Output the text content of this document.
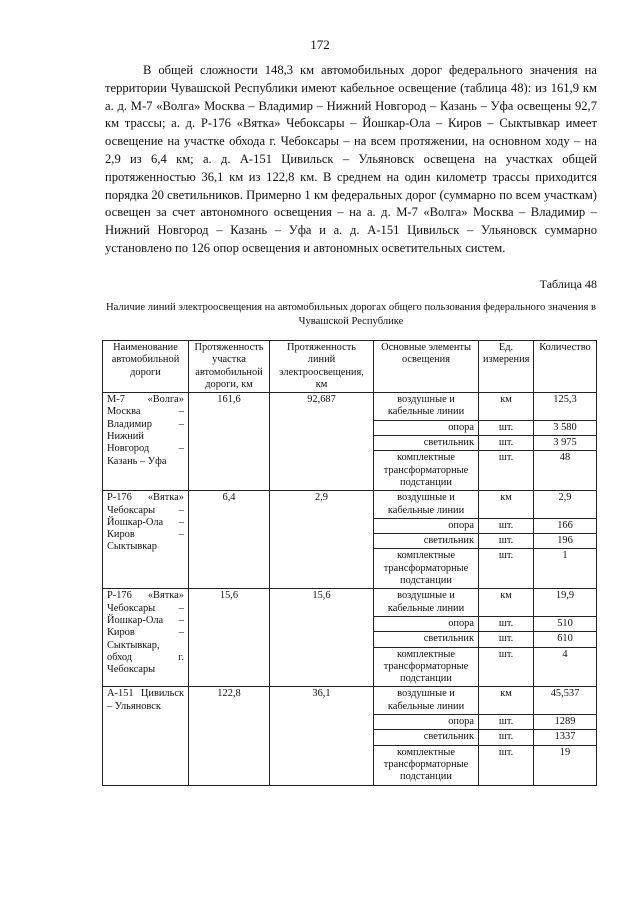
172

В общей сложности 148,3 км автомобильных дорог федерального значения на территории Чувашской Республики имеют кабельное освещение (таблица 48): из 161,9 км а. д. М-7 «Волга» Москва – Владимир – Нижний Новгород – Казань – Уфа освещены 92,7 км трассы; а. д. Р-176 «Вятка» Чебоксары – Йошкар-Ола – Киров – Сыктывкар имеет освещение на участке обхода г. Чебоксары – на всем протяжении, на основном ходу – на 2,9 из 6,4 км; а. д. А-151 Цивильск – Ульяновск освещена на участках общей протяженностью 36,1 км из 122,8 км. В среднем на один километр трассы приходится порядка 20 светильников. Примерно 1 км федеральных дорог (суммарно по всем участкам) освещен за счет автономного освещения – на а. д. М-7 «Волга» Москва – Владимир – Нижний Новгород – Казань – Уфа и а. д. А-151 Цивильск – Ульяновск суммарно установлено по 126 опор освещения и автономных осветительных систем.

Таблица 48

Наличие линий электроосвещения на автомобильных дорогах общего пользования федерального значения в Чувашской Республике

Наименование автомобильной дороги	Протяженность участка автомобильной дороги, км	Протяженность линий электроосвещения, км	Основные элементы освещения	Ед. измерения	Количество
М-7 «Волга» Москва – Владимир – Нижний Новгород – Казань – Уфа	161,6	92,687	воздушные и кабельные линии	км	125,3
			опора	шт.	3 580
			светильник	шт.	3 975
			комплектные трансформаторные подстанции	шт.	48
Р-176 «Вятка» Чебоксары – Йошкар-Ола – Киров – Сыктывкар	6,4	2,9	воздушные и кабельные линии	км	2,9
			опора	шт.	166
			светильник	шт.	196
			комплектные трансформаторные подстанции	шт.	1
Р-176 «Вятка» Чебоксары – Йошкар-Ола – Киров – Сыктывкар, обход г. Чебоксары	15,6	15,6	воздушные и кабельные линии	км	19,9
			опора	шт.	510
			светильник	шт.	610
			комплектные трансформаторные подстанции	шт.	4
А-151 Цивильск – Ульяновск	122,8	36,1	воздушные и кабельные линии	км	45,537
			опора	шт.	1289
			светильник	шт.	1337
			комплектные трансформаторные подстанции	шт.	19
